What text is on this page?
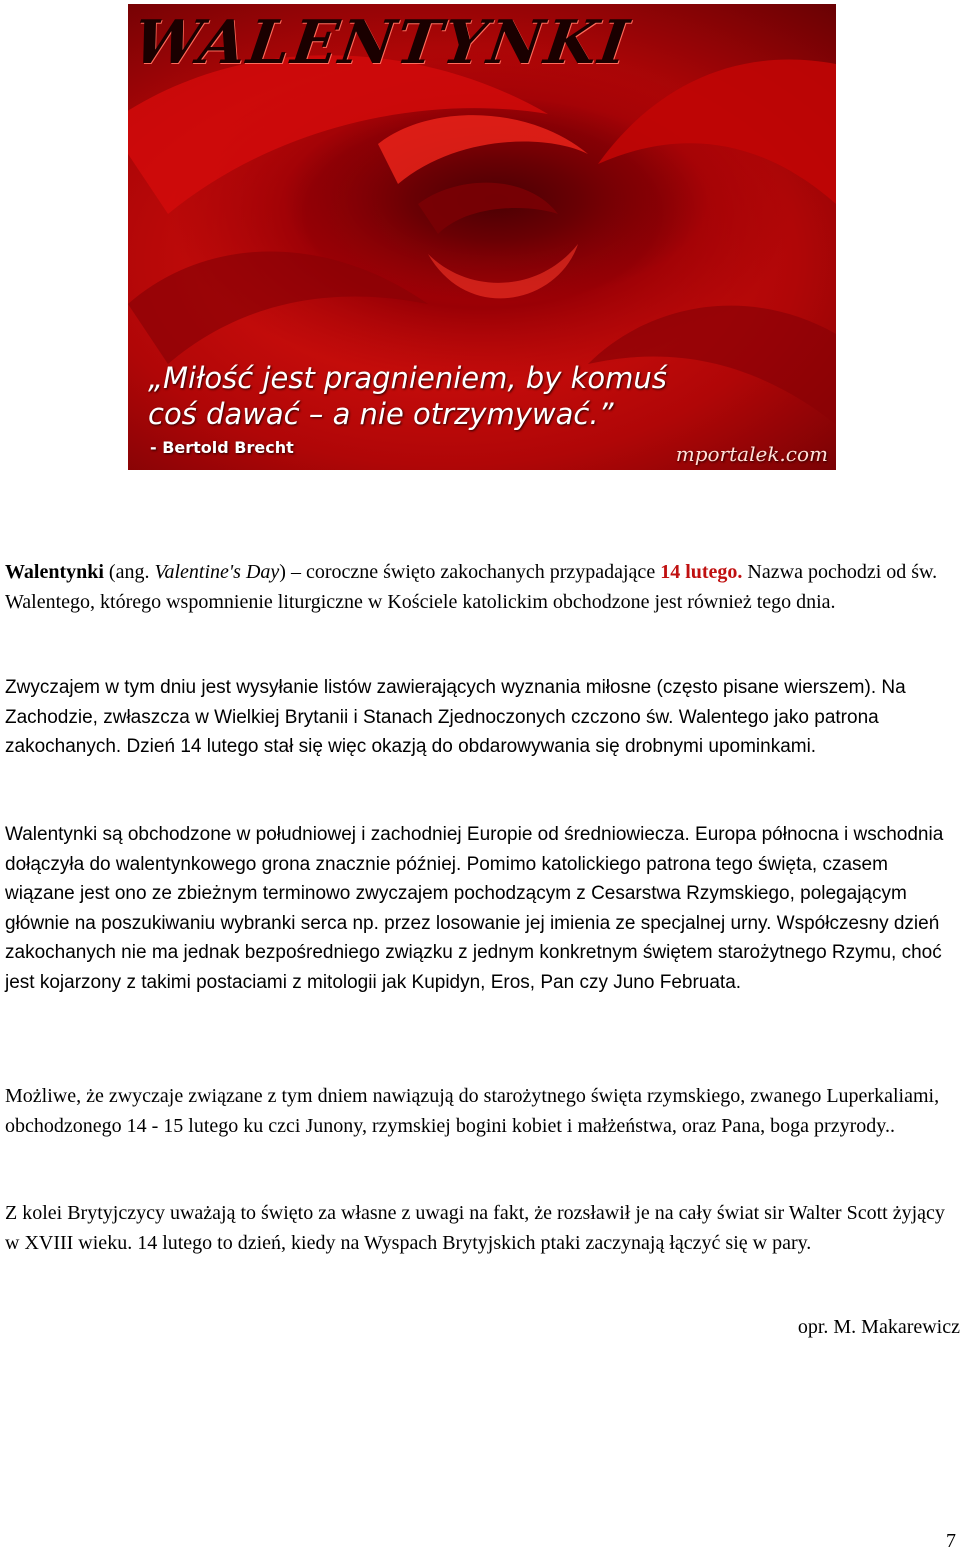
WALENTYNKI
„Miłość jest pragnieniem, by komuś
coś dawać – a nie otrzymywać.”
- Bertold Brecht	mportalek.com

Walentynki (ang. Valentine's Day) – coroczne święto zakochanych przypadające 14 lutego. Nazwa pochodzi od św. Walentego, którego wspomnienie liturgiczne w Kościele katolickim obchodzone jest również tego dnia.

Zwyczajem w tym dniu jest wysyłanie listów zawierających wyznania miłosne (często pisane wierszem). Na Zachodzie, zwłaszcza w Wielkiej Brytanii i Stanach Zjednoczonych czczono św. Walentego jako patrona zakochanych. Dzień 14 lutego stał się więc okazją do obdarowywania się drobnymi upominkami.

Walentynki są obchodzone w południowej i zachodniej Europie od średniowiecza. Europa północna i wschodnia dołączyła do walentynkowego grona znacznie później. Pomimo katolickiego patrona tego święta, czasem wiązane jest ono ze zbieżnym terminowo zwyczajem pochodzącym z Cesarstwa Rzymskiego, polegającym głównie na poszukiwaniu wybranki serca np. przez losowanie jej imienia ze specjalnej urny. Współczesny dzień zakochanych nie ma jednak bezpośredniego związku z jednym konkretnym świętem starożytnego Rzymu, choć jest kojarzony z takimi postaciami z mitologii jak Kupidyn, Eros, Pan czy Juno Februata.

Możliwe, że zwyczaje związane z tym dniem nawiązują do starożytnego święta rzymskiego, zwanego Luperkaliami, obchodzonego 14 - 15 lutego ku czci Junony, rzymskiej bogini kobiet i małżeństwa, oraz Pana, boga przyrody..

Z kolei Brytyjczycy uważają to święto za własne z uwagi na fakt, że rozsławił je na cały świat sir Walter Scott żyjący w XVIII wieku. 14 lutego to dzień, kiedy na Wyspach Brytyjskich ptaki zaczynają łączyć się w pary.

opr. M. Makarewicz
7
